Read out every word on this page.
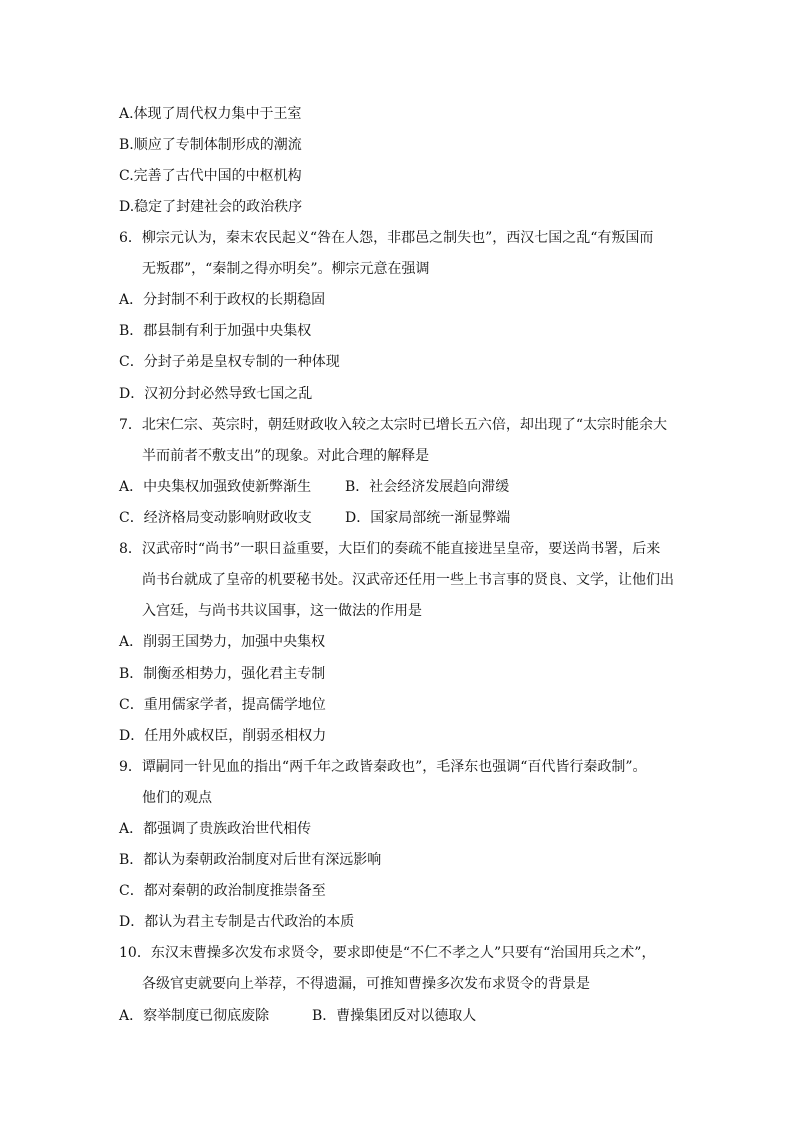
A.体现了周代权力集中于王室
B.顺应了专制体制形成的潮流
C.完善了古代中国的中枢机构
D.稳定了封建社会的政治秩序
6．柳宗元认为，秦末农民起义“咎在人怨，非郡邑之制失也”，西汉七国之乱“有叛国而
无叛郡”，“秦制之得亦明矣”。柳宗元意在强调
A．分封制不利于政权的长期稳固
B．郡县制有利于加强中央集权
C．分封子弟是皇权专制的一种体现
D．汉初分封必然导致七国之乱
7．北宋仁宗、英宗时，朝廷财政收入较之太宗时已增长五六倍，却出现了“太宗时能余大
半而前者不敷支出”的现象。对此合理的解释是
A．中央集权加强致使新弊渐生 B．社会经济发展趋向滞缓
C．经济格局变动影响财政收支 D．国家局部统一渐显弊端
8．汉武帝时“尚书”一职日益重要，大臣们的奏疏不能直接进呈皇帝，要送尚书署，后来
尚书台就成了皇帝的机要秘书处。汉武帝还任用一些上书言事的贤良、文学，让他们出
入宫廷，与尚书共议国事，这一做法的作用是
A．削弱王国势力，加强中央集权
B．制衡丞相势力，强化君主专制
C．重用儒家学者，提高儒学地位
D．任用外戚权臣，削弱丞相权力
9．谭嗣同一针见血的指出“两千年之政皆秦政也”，毛泽东也强调“百代皆行秦政制”。
他们的观点
A．都强调了贵族政治世代相传
B．都认为秦朝政治制度对后世有深远影响
C．都对秦朝的政治制度推崇备至
D．都认为君主专制是古代政治的本质
10．东汉末曹操多次发布求贤令，要求即使是“不仁不孝之人”只要有“治国用兵之术”，
各级官吏就要向上举荐，不得遗漏，可推知曹操多次发布求贤令的背景是
A．察举制度已彻底废除	B．曹操集团反对以德取人
